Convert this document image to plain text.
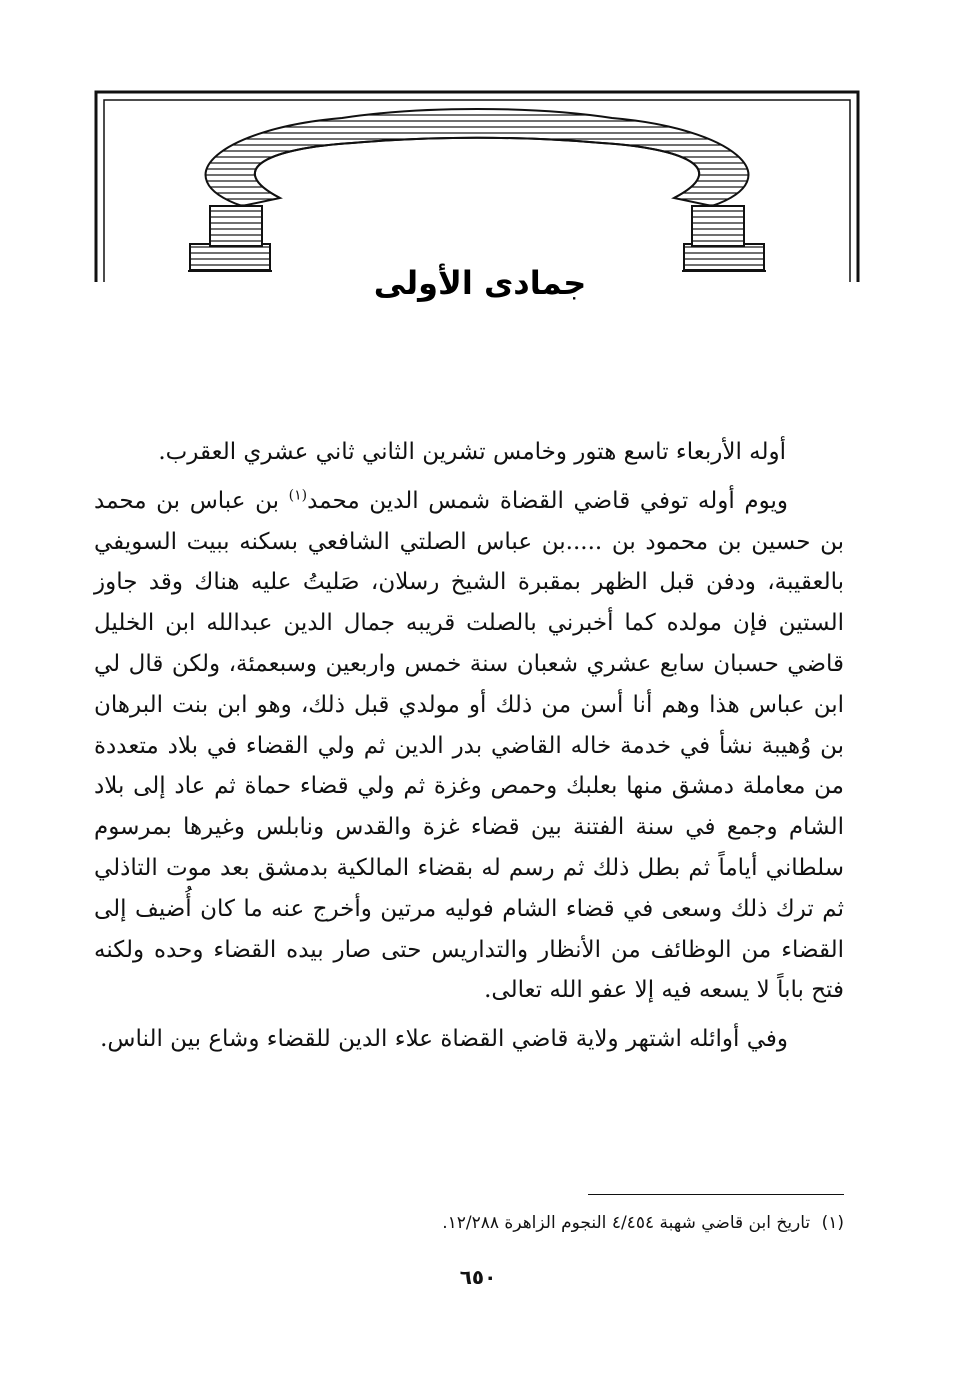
جمادى الأولى

أوله الأربعاء تاسع هتور وخامس تشرين الثاني ثاني عشري العقرب.

ويوم أوله توفي قاضي القضاة شمس الدين محمد$^{(١)}$ بن عباس بن محمد بن حسين بن محمود بن .....بن عباس الصلتي الشافعي بسكنه ببيت السويفي بالعقيبة، ودفن قبل الظهر بمقبرة الشيخ رسلان، صَليتُ عليه هناك وقد جاوز الستين فإن مولده كما أخبرني بالصلت قريبه جمال الدين عبدالله ابن الخليل قاضي حسبان سابع عشري شعبان سنة خمس واربعين وسبعمئة، ولكن قال لي ابن عباس هذا وهم أنا أسن من ذلك أو مولدي قبل ذلك، وهو ابن بنت البرهان بن وُهيبة نشأ في خدمة خاله القاضي بدر الدين ثم ولي القضاء في بلاد متعددة من معاملة دمشق منها بعلبك وحمص وغزة ثم ولي قضاء حماة ثم عاد إلى بلاد الشام وجمع في سنة الفتنة بين قضاء غزة والقدس ونابلس وغيرها بمرسوم سلطاني أياماً ثم بطل ذلك ثم رسم له بقضاء المالكية بدمشق بعد موت التاذلي ثم ترك ذلك وسعى في قضاء الشام فوليه مرتين وأخرج عنه ما كان أُضيف إلى القضاء من الوظائف من الأنظار والتداريس حتى صار بيده القضاء وحده ولكنه فتح باباً لا يسعه فيه إلا عفو الله تعالى.

وفي أوائله اشتهر ولاية قاضي القضاة علاء الدين للقضاء وشاع بين الناس.

(١) تاريخ ابن قاضي شهبة ٤/٤٥٤ النجوم الزاهرة ١٢/٢٨٨.
٦٥٠
